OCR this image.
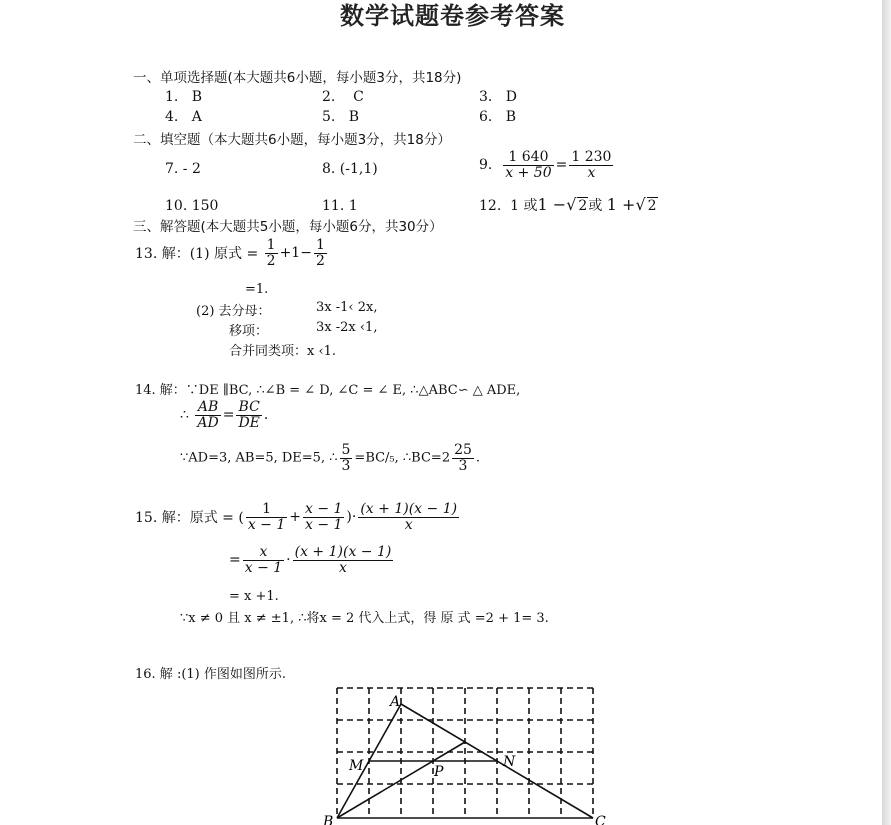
数学试题卷参考答案
一、单项选择题(本大题共6小题，每小题3分，共18分)
1. B	2. C	3. D
4. A	5. B	6. B
二、填空题（本大题共6小题，每小题3分，共18分）
7. - 2	8. (-1,1)	9. $\frac{1 640}{x + 50} = \frac{1 230}{x}$
10. 150	11. 1	12. 1 或1 −√ 2或 1 +√ 2
三、解答题(本大题共5小题，每小题6分，共30分）
13. 解：(1) 原式 = $\frac{1}{2} +1- \frac{1}{2}$
=1.
(2) 去分母：	3x -1‹ 2x,
移项：	3x -2x ‹1,
合并同类项：x ‹1.
14. 解：∵DE ∥BC, ∴∠B = ∠ D, ∠C = ∠ E, ∴△ABC∽ △ ADE,
∴ $\frac{AB}{AD} = \frac{BC}{DE}$ .
∵AD=3, AB=5, DE=5, ∴ $\frac{5}{3} =BC/_5$, ∴BC=2 $\frac{25}{3}$ .
15. 解：原式 = ( $\frac{1}{x - 1} + \frac{x - 1}{x - 1}$ )· $\frac{(x + 1)(x - 1)}{x}$
= $\frac{x}{x - 1} \cdot \frac{(x + 1)(x - 1)}{x}$
= x +1.
∵x ≠ 0 且 x ≠ ±1, ∴将x = 2 代入上式，得 原 式 =2 + 1= 3.
16. 解 :(1) 作图如图所示.
A
M	P
N
B	C
